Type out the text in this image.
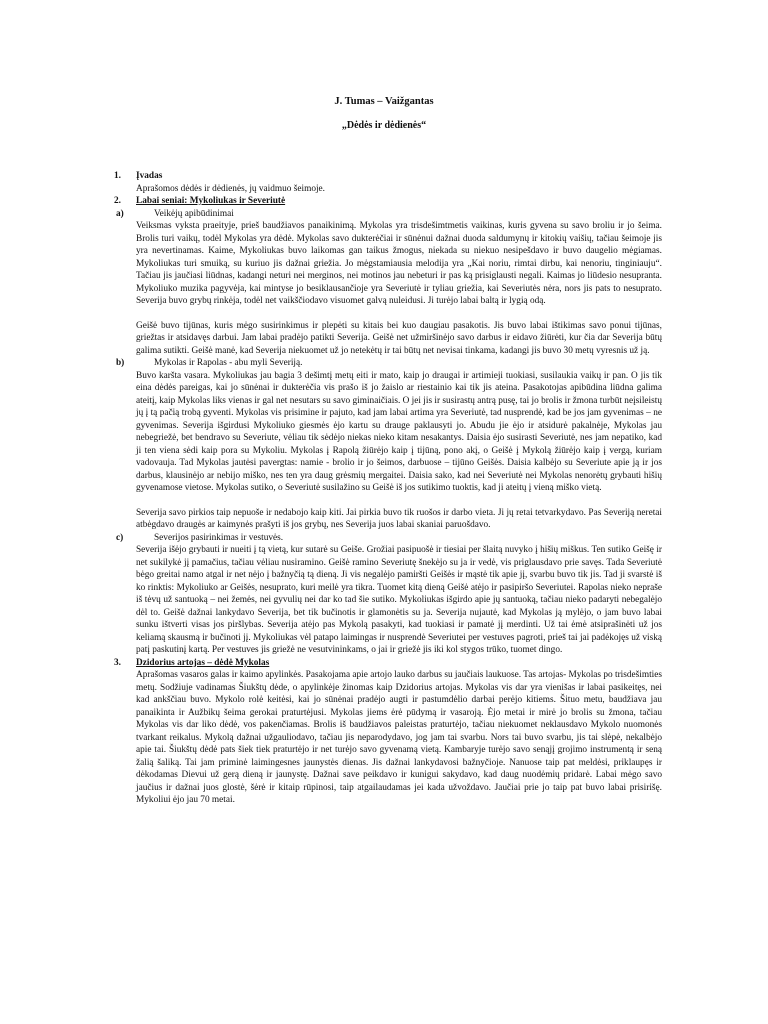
J. Tumas – Vaižgantas
„Dėdės ir dėdienės“
1. Įvadas

Aprašomos dėdės ir dėdienės, jų vaidmuo šeimoje.

2. Labai seniai: Mykoliukas ir Severiutė
a)	Veikėjų apibūdinimai

Veiksmas vyksta praeityje, prieš baudžiavos panaikinimą. Mykolas yra trisdešimtmetis vaikinas, kuris gyvena su savo broliu ir jo šeima. Brolis turi vaikų, todėl Mykolas yra dėdė. Mykolas savo dukterėčiai ir sūnėnui dažnai duoda saldumynų ir kitokių vaišių, tačiau šeimoje jis yra nevertinamas. Kaime, Mykoliukas buvo laikomas gan taikus žmogus, niekada su niekuo nesipešdavo ir buvo daugelio mėgiamas. Mykoliukas turi smuiką, su kuriuo jis dažnai griežia. Jo mėgstamiausia melodija yra „Kai noriu, rimtai dirbu, kai nenoriu, tinginiauju“. Tačiau jis jaučiasi liūdnas, kadangi neturi nei merginos, nei motinos jau nebeturi ir pas ką prisiglausti negali. Kaimas jo liūdesio nesupranta. Mykoliuko muzika pagyvėja, kai mintyse jo besiklausančioje yra Severiutė ir tyliau griežia, kai Severiutės nėra, nors jis pats to nesuprato. Severija buvo grybų rinkėja, todėl net vaikščiodavo visuomet galvą nuleidusi. Ji turėjo labai baltą ir lygią odą.

Geišė buvo tijūnas, kuris mėgo susirinkimus ir plepėti su kitais bei kuo daugiau pasakotis. Jis buvo labai ištikimas savo ponui tijūnas, griežtas ir atsidavęs darbui. Jam labai pradėjo patikti Severija. Geišė net užmiršinėjo savo darbus ir eidavo žiūrėti, kur čia dar Severija būtų galima sutikti. Geišė manė, kad Severija niekuomet už jo netekėtų ir tai būtų net nevisai tinkama, kadangi jis buvo 30 metų vyresnis už ją.

b)	Mykolas ir Rapolas - abu myli Severiją.

Buvo karšta vasara. Mykoliukas jau bagia 3 dešimtį metų eiti ir mato, kaip jo draugai ir artimieji tuokiasi, susilaukia vaikų ir pan. O jis tik eina dėdės pareigas, kai jo sūnėnai ir dukterėčia vis prašo iš jo žaislo ar riestainio kai tik jis ateina. Pasakotojas apibūdina liūdna galima ateitį, kaip Mykolas liks vienas ir gal net nesutars su savo giminaičiais. O jei jis ir susirastų antrą pusę, tai jo brolis ir žmona turbūt neįsileistų jų į tą pačią trobą gyventi. Mykolas vis prisimine ir pajuto, kad jam labai artima yra Severiutė, tad nusprendė, kad be jos jam gyvenimas – ne gyvenimas. Severija išgirdusi Mykoliuko giesmės ėjo kartu su drauge paklausyti jo. Abudu jie ėjo ir atsidurė pakalnėje, Mykolas jau nebegriežė, bet bendravo su Severiute, vėliau tik sėdėjo niekas nieko kitam nesakantys. Daisia ėjo susirasti Severiutė, nes jam nepatiko, kad ji ten viena sėdi kaip pora su Mykoliu. Mykolas į Rapolą žiūrėjo kaip į tijūną, pono akį, o Geišė į Mykolą žiūrėjo kaip į vergą, kuriam vadovauja. Tad Mykolas jautėsi pavergtas: namie - brolio ir jo šeimos, darbuose – tijūno Geišės. Daisia kalbėjo su Severiute apie ją ir jos darbus, klausinėjo ar nebijo miško, nes ten yra daug grėsmių mergaitei. Daisia sako, kad nei Severiutė nei Mykolas nenorėtų grybauti hišių gyvenamose vietose. Mykolas sutiko, o Severiutė susilažino su Geišė iš jos sutikimo tuoktis, kad ji ateitų į vieną miško vietą.

Severija savo pirkios taip nepuoše ir nedabojo kaip kiti. Jai pirkia buvo tik ruošos ir darbo vieta. Ji jų retai tetvarkydavo. Pas Severiją neretai atbėgdavo draugės ar kaimynės prašyti iš jos grybų, nes Severija juos labai skaniai paruošdavo.

c)	Severijos pasirinkimas ir vestuvės.

Severija išėjo grybauti ir nueiti į tą vietą, kur sutarė su Geiše. Grožiai pasipuošė ir tiesiai per šlaitą nuvyko į hišių miškus. Ten sutiko Geišę ir net sukilykė jį pamačius, tačiau vėliau nusiramino. Geišė ramino Severiutę šnekėjo su ja ir vedė, vis priglausdavo prie savęs. Tada Severiutė bėgo greitai namo atgal ir net nėjo į bažnyčią tą dieną. Ji vis negalėjo pamiršti Geišės ir mąstė tik apie jį, svarbu buvo tik jis. Tad ji svarstė iš ko rinktis: Mykoliuko ar Geišės, nesuprato, kuri meilė yra tikra. Tuomet kitą dieną Geišė atėjo ir pasipiršo Severiutei. Rapolas nieko nepraše iš tėvų už santuoką – nei žemės, nei gyvulių nei dar ko tad šie sutiko. Mykoliukas išgirdo apie jų santuoką, tačiau nieko padaryti nebegalėjo dėl to. Geišė dažnai lankydavo Severija, bet tik bučinotis ir glamonėtis su ja. Severija nujautė, kad Mykolas ją mylėjo, o jam buvo labai sunku ištverti visas jos piršlybas. Severija atėjo pas Mykolą pasakyti, kad tuokiasi ir pamatė jį merdinti. Už tai ėmė atsiprašinėti už jos keliamą skausmą ir bučinoti jį. Mykoliukas vėl patapo laimingas ir nusprendė Severiutei per vestuves pagroti, prieš tai jai padėkojęs už viską patį paskutinį kartą. Per vestuves jis griežė ne vesutvininkams, o jai ir griežė jis iki kol stygos trūko, tuomet dingo.

3. Dzidorius artojas – dėdė Mykolas

Aprašomas vasaros galas ir kaimo apylinkės. Pasakojama apie artojo lauko darbus su jaučiais laukuose. Tas artojas- Mykolas po trisdešimties metų. Sodžiuje vadinamas Šiukštų dėde, o apylinkėje žinomas kaip Dzidorius artojas. Mykolas vis dar yra vienišas ir labai pasikeitęs, nei kad ankščiau buvo. Mykolo rolė keitėsi, kai jo sūnėnai pradėjo augti ir pastumdėlio darbai perėjo kitiems. Šituo metu, baudžiava jau panaikinta ir Aužbikų šeima gerokai praturtėjusi. Mykolas jiems ėrė pūdymą ir vasaroją. Ėjo metai ir mirė jo brolis su žmona, tačiau Mykolas vis dar liko dėdė, vos pakenčiamas. Brolis iš baudžiavos paleistas praturtėjo, tačiau niekuomet neklausdavo Mykolo nuomonės tvarkant reikalus. Mykolą dažnai užgauliodavo, tačiau jis neparodydavo, jog jam tai svarbu. Nors tai buvo svarbu, jis tai slėpė, nekalbėjo apie tai. Šiukštų dėdė pats šiek tiek praturtėjo ir net turėjo savo gyvenamą vietą. Kambaryje turėjo savo senąjį grojimo instrumentą ir seną žalią šaliką. Tai jam priminė laimingesnes jaunystės dienas. Jis dažnai lankydavosi bažnyčioje. Nanuose taip pat meldėsi, priklaupęs ir dėkodamas Dievui už gerą dieną ir jaunystę. Dažnai save peikdavo ir kunigui sakydavo, kad daug nuodėmių pridarė. Labai mėgo savo jaučius ir dažnai juos glostė, šėrė ir kitaip rūpinosi, taip atgailaudamas jei kada užvoždavo. Jaučiai prie jo taip pat buvo labai prisirišę. Mykoliui ėjo jau 70 metai.
